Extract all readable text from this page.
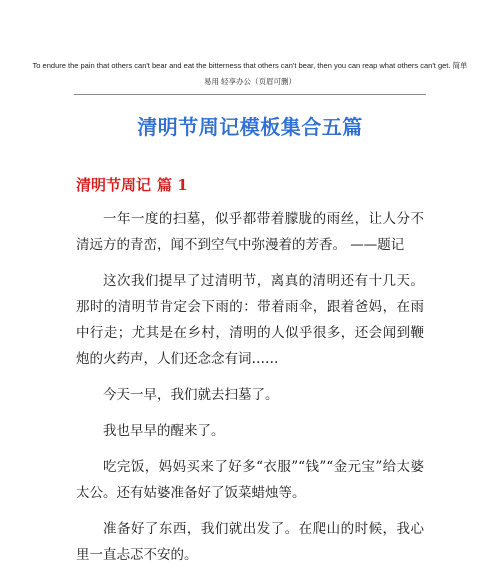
To endure the pain that others can't bear and eat the bitterness that others can't bear, then you can reap what others can't get. 简单易用 轻享办公（页眉可删）
清明节周记模板集合五篇
清明节周记 篇 1

一年一度的扫墓，似乎都带着朦胧的雨丝，让人分不清远方的青峦，闻不到空气中弥漫着的芳香。 ——题记

这次我们提早了过清明节，离真的清明还有十几天。那时的清明节肯定会下雨的：带着雨伞，跟着爸妈，在雨中行走；尤其是在乡村，清明的人似乎很多，还会闻到鞭炮的火药声，人们还念念有词……

今天一早，我们就去扫墓了。

我也早早的醒来了。

吃完饭，妈妈买来了好多“衣服”“钱”“金元宝”给太婆太公。还有姑婆准备好了饭菜蜡烛等。

准备好了东西，我们就出发了。在爬山的时候，我心里一直忐忑不安的。
